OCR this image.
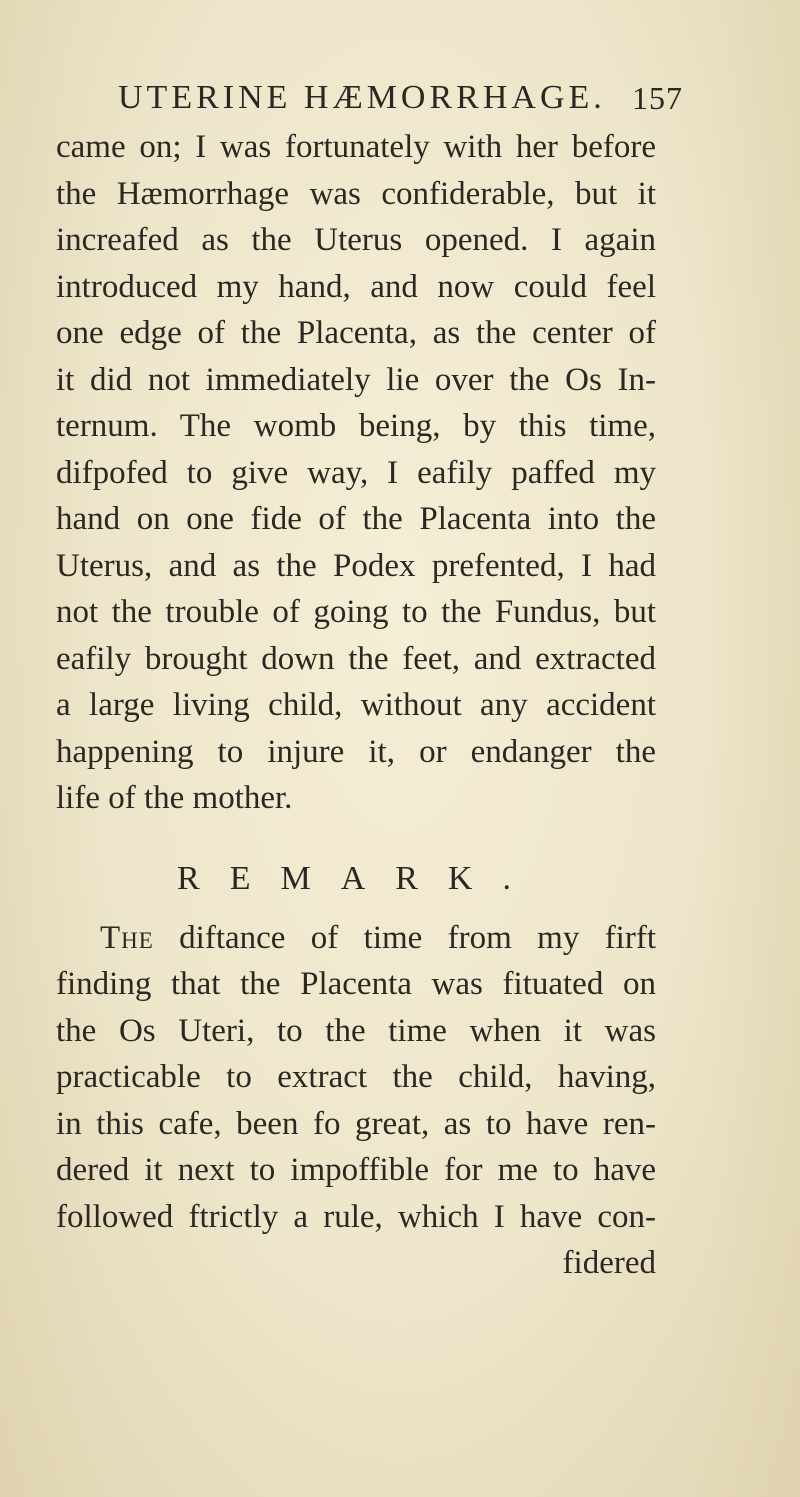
UTERINE HÆMORRHAGE. 157
came on; I was fortunately with her before
the Hæmorrhage was confiderable, but it
increafed as the Uterus opened. I again
introduced my hand, and now could feel
one edge of the Placenta, as the center of
it did not immediately lie over the Os In-
ternum. The womb being, by this time,
difpofed to give way, I eafily paffed my
hand on one fide of the Placenta into the
Uterus, and as the Podex prefented, I had
not the trouble of going to the Fundus, but
eafily brought down the feet, and extracted
a large living child, without any accident
happening to injure it, or endanger the
life of the mother.
REMARK.
The diftance of time from my firft
finding that the Placenta was fituated on
the Os Uteri, to the time when it was
practicable to extract the child, having,
in this cafe, been fo great, as to have ren-
dered it next to impoffible for me to have
followed ftrictly a rule, which I have con-
fidered
